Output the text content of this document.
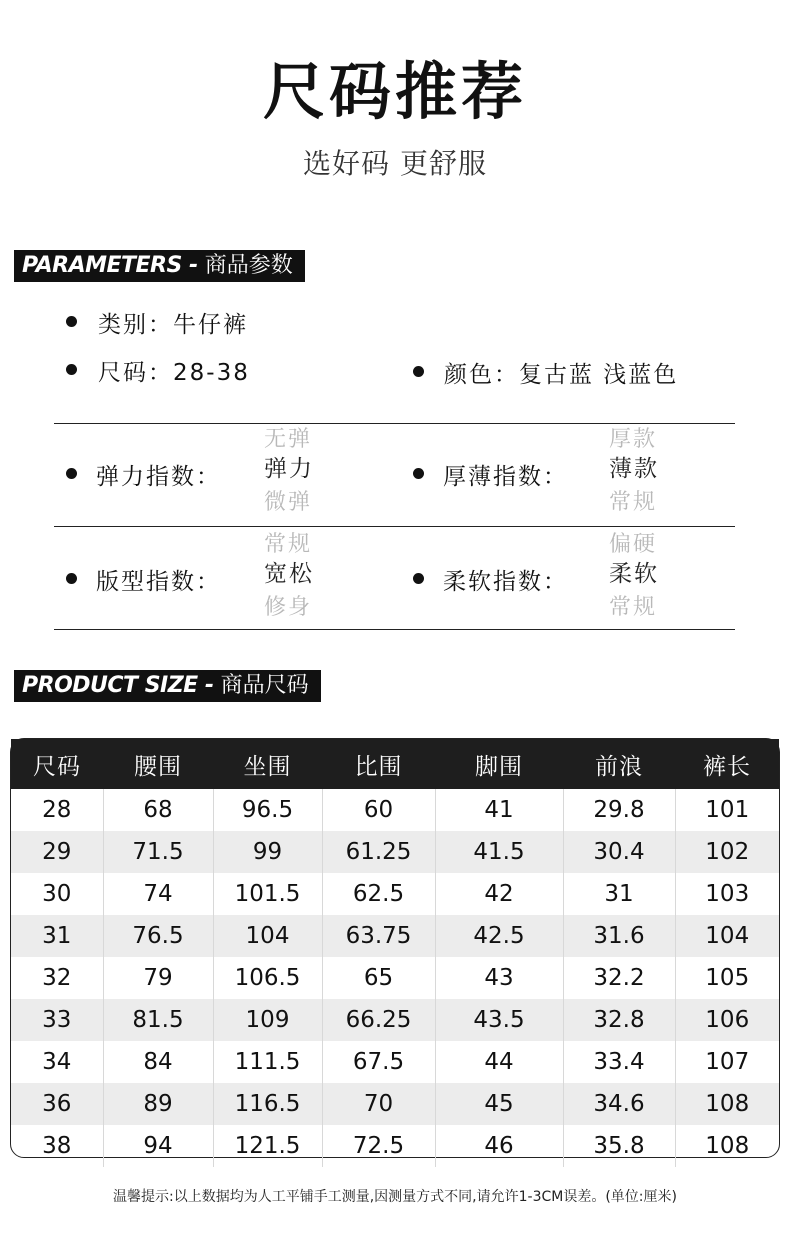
尺码推荐
选好码 更舒服
PARAMETERS - 商品参数
类别：牛仔裤
尺码：28-38	颜色：复古蓝 浅蓝色
弹力指数：
无弹
弹力
微弹
厚薄指数：
厚款
薄款
常规
版型指数：
常规
宽松
修身
柔软指数：
偏硬
柔软
常规
PRODUCT SIZE - 商品尺码
尺码	腰围	坐围	比围	脚围	前浪	裤长
28	68	96.5	60	41	29.8	101
29	71.5	99	61.25	41.5	30.4	102
30	74	101.5	62.5	42	31	103
31	76.5	104	63.75	42.5	31.6	104
32	79	106.5	65	43	32.2	105
33	81.5	109	66.25	43.5	32.8	106
34	84	111.5	67.5	44	33.4	107
36	89	116.5	70	45	34.6	108
38	94	121.5	72.5	46	35.8	108
温馨提示:以上数据均为人工平铺手工测量,因测量方式不同,请允许1-3CM误差。(单位:厘米)
